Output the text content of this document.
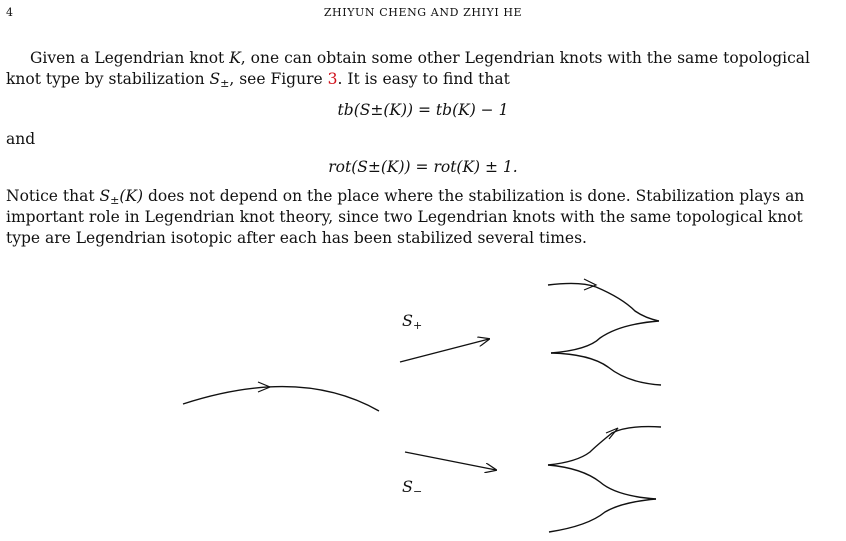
4	ZHIYUN CHENG AND ZHIYI HE
Given a Legendrian knot K, one can obtain some other Legendrian knots with the same topological knot type by stabilization $S_\pm$, see Figure 3. It is easy to find that
tb(S±(K)) = tb(K) − 1
and
rot(S±(K)) = rot(K) ± 1.
Notice that $S_\pm(K)$ does not depend on the place where the stabilization is done. Stabilization plays an important role in Legendrian knot theory, since two Legendrian knots with the same topological knot type are Legendrian isotopic after each has been stabilized several times.
$S_+$
$S_-$
